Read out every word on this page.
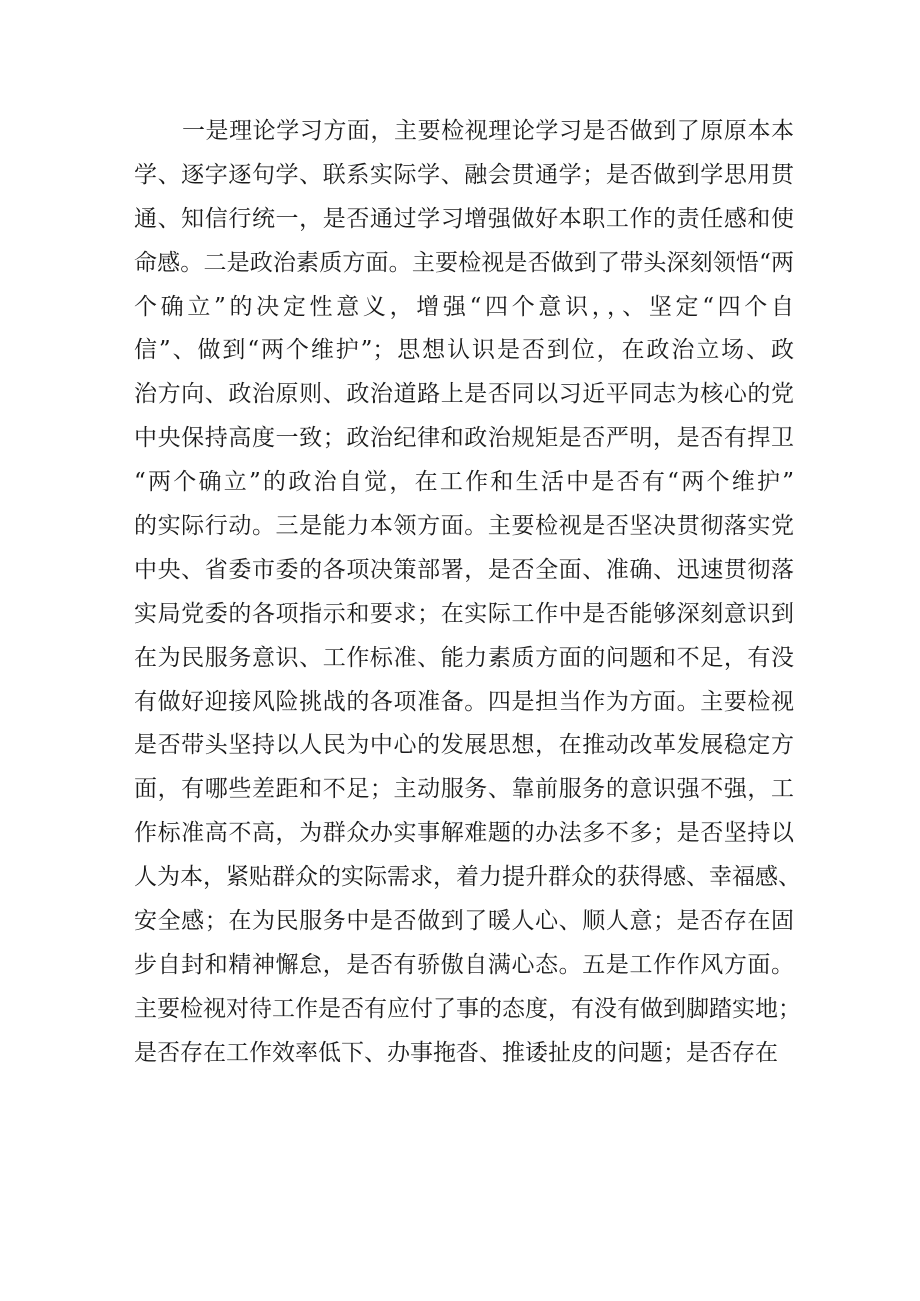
一是理论学习方面，主要检视理论学习是否做到了原原本本
学、逐字逐句学、联系实际学、融会贯通学；是否做到学思用贯
通、知信行统一，是否通过学习增强做好本职工作的责任感和使
命感。二是政治素质方面。主要检视是否做到了带头深刻领悟“两
个确立”的决定性意义，增强“四个意识，，、坚定“四个自
信”、做到“两个维护”；思想认识是否到位，在政治立场、政
治方向、政治原则、政治道路上是否同以习近平同志为核心的党
中央保持高度一致；政治纪律和政治规矩是否严明，是否有捍卫
“两个确立”的政治自觉，在工作和生活中是否有“两个维护”
的实际行动。三是能力本领方面。主要检视是否坚决贯彻落实党
中央、省委市委的各项决策部署，是否全面、准确、迅速贯彻落
实局党委的各项指示和要求；在实际工作中是否能够深刻意识到
在为民服务意识、工作标准、能力素质方面的问题和不足，有没
有做好迎接风险挑战的各项准备。四是担当作为方面。主要检视
是否带头坚持以人民为中心的发展思想，在推动改革发展稳定方
面，有哪些差距和不足；主动服务、靠前服务的意识强不强，工
作标准高不高，为群众办实事解难题的办法多不多；是否坚持以
人为本，紧贴群众的实际需求，着力提升群众的获得感、幸福感、
安全感；在为民服务中是否做到了暖人心、顺人意；是否存在固
步自封和精神懈怠，是否有骄傲自满心态。五是工作作风方面。
主要检视对待工作是否有应付了事的态度，有没有做到脚踏实地；
是否存在工作效率低下、办事拖沓、推诿扯皮的问题；是否存在
